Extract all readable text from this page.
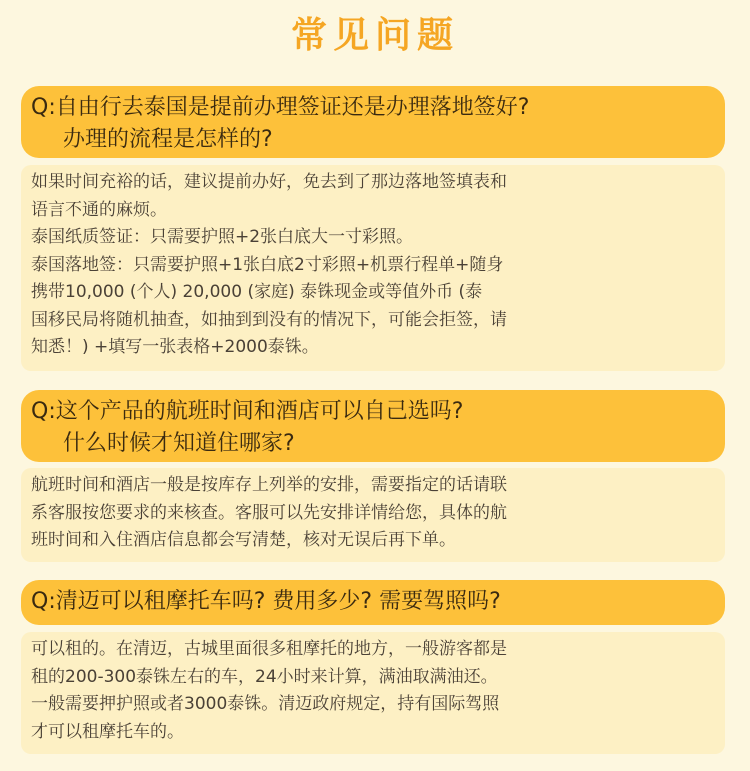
常见问题
Q:自由行去泰国是提前办理签证还是办理落地签好?
办理的流程是怎样的?

如果时间充裕的话，建议提前办好，免去到了那边落地签填表和

语言不通的麻烦。

泰国纸质签证：只需要护照+2张白底大一寸彩照。

泰国落地签：只需要护照+1张白底2寸彩照+机票行程单+随身

携带10,000 (个人) 20,000 (家庭) 泰铢现金或等值外币 (泰

国移民局将随机抽查，如抽到到没有的情况下，可能会拒签，请

知悉！) +填写一张表格+2000泰铢。

Q:这个产品的航班时间和酒店可以自己选吗?
什么时候才知道住哪家?

航班时间和酒店一般是按库存上列举的安排，需要指定的话请联

系客服按您要求的来核查。客服可以先安排详情给您，具体的航

班时间和入住酒店信息都会写清楚，核对无误后再下单。

Q:清迈可以租摩托车吗? 费用多少? 需要驾照吗?

可以租的。在清迈，古城里面很多租摩托的地方，一般游客都是

租的200-300泰铢左右的车，24小时来计算，满油取满油还。

一般需要押护照或者3000泰铢。清迈政府规定，持有国际驾照

才可以租摩托车的。
